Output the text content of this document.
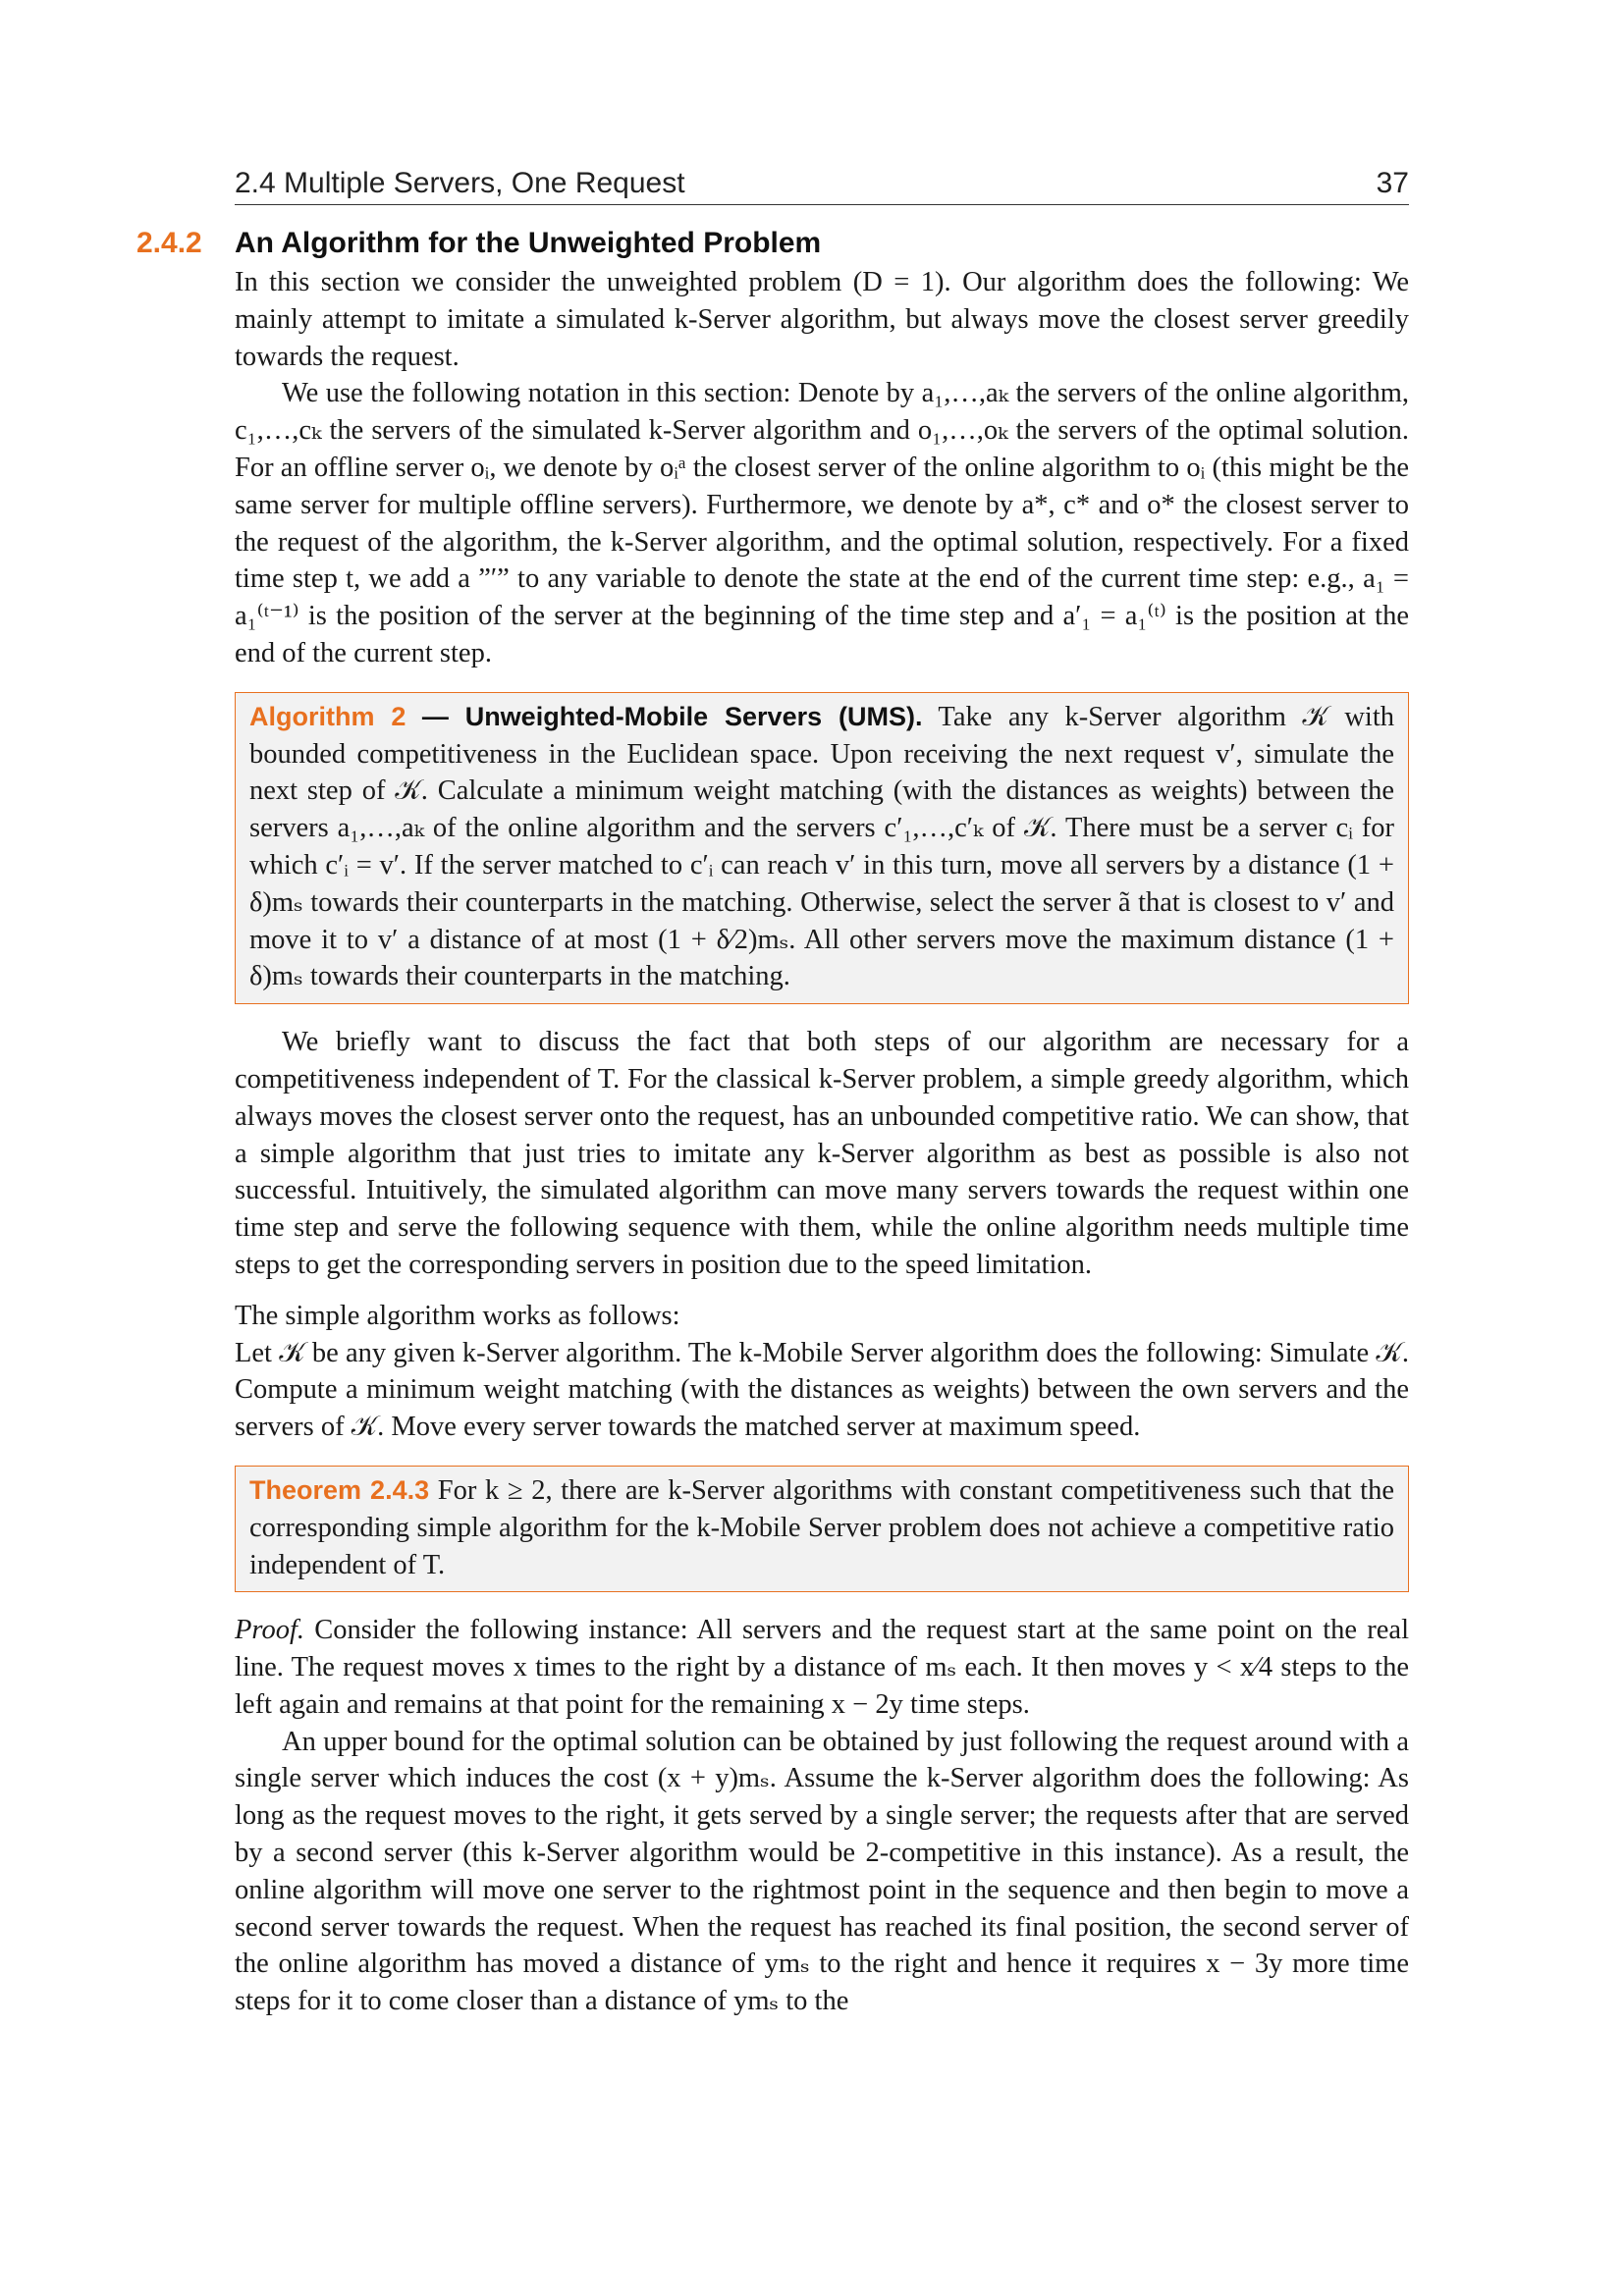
2.4 Multiple Servers, One Request	37
2.4.2 An Algorithm for the Unweighted Problem

In this section we consider the unweighted problem (D = 1). Our algorithm does the following: We mainly attempt to imitate a simulated k-Server algorithm, but always move the closest server greedily towards the request.

We use the following notation in this section: Denote by a₁,…,aₖ the servers of the online algorithm, c₁,…,cₖ the servers of the simulated k-Server algorithm and o₁,…,oₖ the servers of the optimal solution. For an offline server oᵢ, we denote by oᵢᵃ the closest server of the online algorithm to oᵢ (this might be the same server for multiple offline servers). Furthermore, we denote by a*, c* and o* the closest server to the request of the algorithm, the k-Server algorithm, and the optimal solution, respectively. For a fixed time step t, we add a ”′” to any variable to denote the state at the end of the current time step: e.g., a₁ = a₁⁽ᵗ⁻¹⁾ is the position of the server at the beginning of the time step and a′₁ = a₁⁽ᵗ⁾ is the position at the end of the current step.

Algorithm 2 — Unweighted-Mobile Servers (UMS). Take any k-Server algorithm 𝒦 with bounded competitiveness in the Euclidean space. Upon receiving the next request v′, simulate the next step of 𝒦. Calculate a minimum weight matching (with the distances as weights) between the servers a₁,…,aₖ of the online algorithm and the servers c′₁,…,c′ₖ of 𝒦. There must be a server cᵢ for which c′ᵢ = v′. If the server matched to c′ᵢ can reach v′ in this turn, move all servers by a distance (1 + δ)mₛ towards their counterparts in the matching. Otherwise, select the server ã that is closest to v′ and move it to v′ a distance of at most (1 + δ⁄2)mₛ. All other servers move the maximum distance (1 + δ)mₛ towards their counterparts in the matching.

We briefly want to discuss the fact that both steps of our algorithm are necessary for a competitiveness independent of T. For the classical k-Server problem, a simple greedy algorithm, which always moves the closest server onto the request, has an unbounded competitive ratio. We can show, that a simple algorithm that just tries to imitate any k-Server algorithm as best as possible is also not successful. Intuitively, the simulated algorithm can move many servers towards the request within one time step and serve the following sequence with them, while the online algorithm needs multiple time steps to get the corresponding servers in position due to the speed limitation.

The simple algorithm works as follows:

Let 𝒦 be any given k-Server algorithm. The k-Mobile Server algorithm does the following: Simulate 𝒦. Compute a minimum weight matching (with the distances as weights) between the own servers and the servers of 𝒦. Move every server towards the matched server at maximum speed.

Theorem 2.4.3 For k ≥ 2, there are k-Server algorithms with constant competitiveness such that the corresponding simple algorithm for the k-Mobile Server problem does not achieve a competitive ratio independent of T.

Proof. Consider the following instance: All servers and the request start at the same point on the real line. The request moves x times to the right by a distance of mₛ each. It then moves y < x⁄4 steps to the left again and remains at that point for the remaining x − 2y time steps.

An upper bound for the optimal solution can be obtained by just following the request around with a single server which induces the cost (x + y)mₛ. Assume the k-Server algorithm does the following: As long as the request moves to the right, it gets served by a single server; the requests after that are served by a second server (this k-Server algorithm would be 2-competitive in this instance). As a result, the online algorithm will move one server to the rightmost point in the sequence and then begin to move a second server towards the request. When the request has reached its final position, the second server of the online algorithm has moved a distance of ymₛ to the right and hence it requires x − 3y more time steps for it to come closer than a distance of ymₛ to the
